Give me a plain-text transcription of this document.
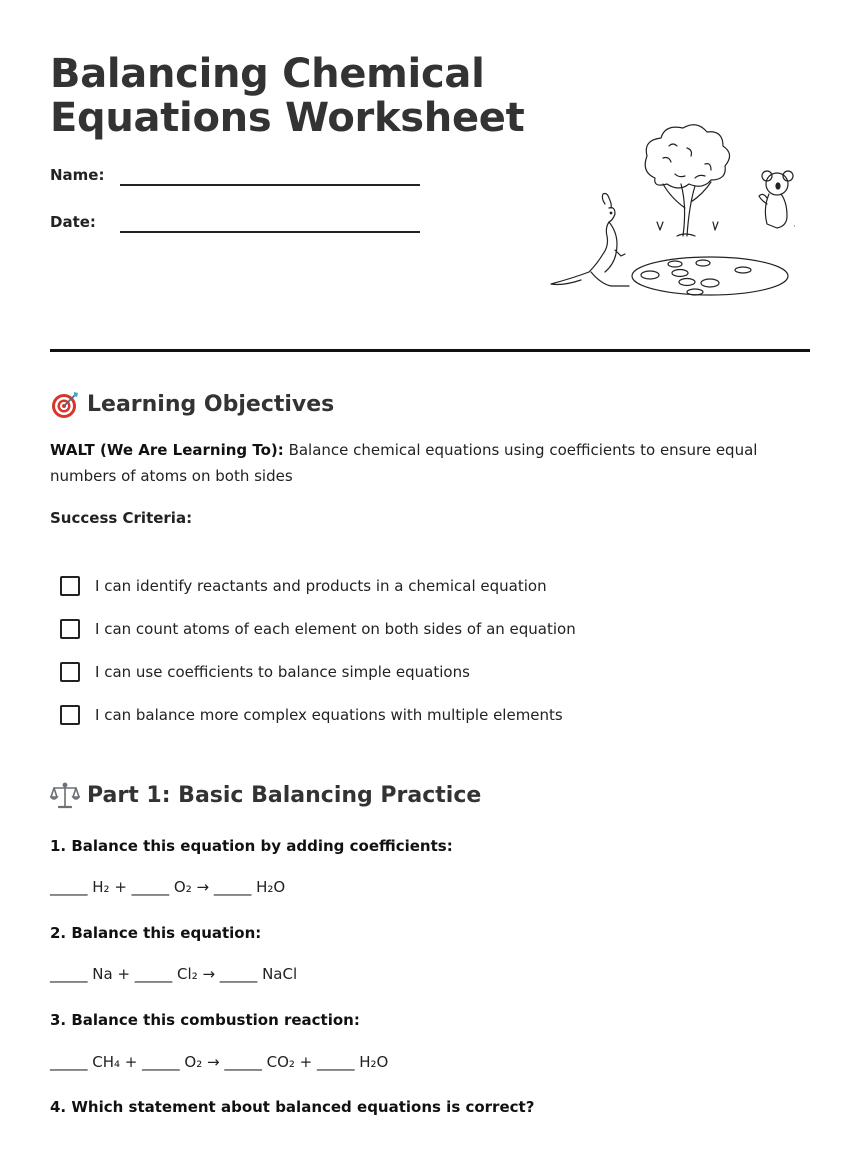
Balancing Chemical
Equations Worksheet
Name:
Date:
Learning Objectives

WALT (We Are Learning To): Balance chemical equations using coefficients to ensure equal numbers of atoms on both sides

Success Criteria:

I can identify reactants and products in a chemical equation
I can count atoms of each element on both sides of an equation
I can use coefficients to balance simple equations
I can balance more complex equations with multiple elements
Part 1: Basic Balancing Practice

1. Balance this equation by adding coefficients:

_____ H₂ + _____ O₂ → _____ H₂O

2. Balance this equation:

_____ Na + _____ Cl₂ → _____ NaCl

3. Balance this combustion reaction:

_____ CH₄ + _____ O₂ → _____ CO₂ + _____ H₂O

4. Which statement about balanced equations is correct?
